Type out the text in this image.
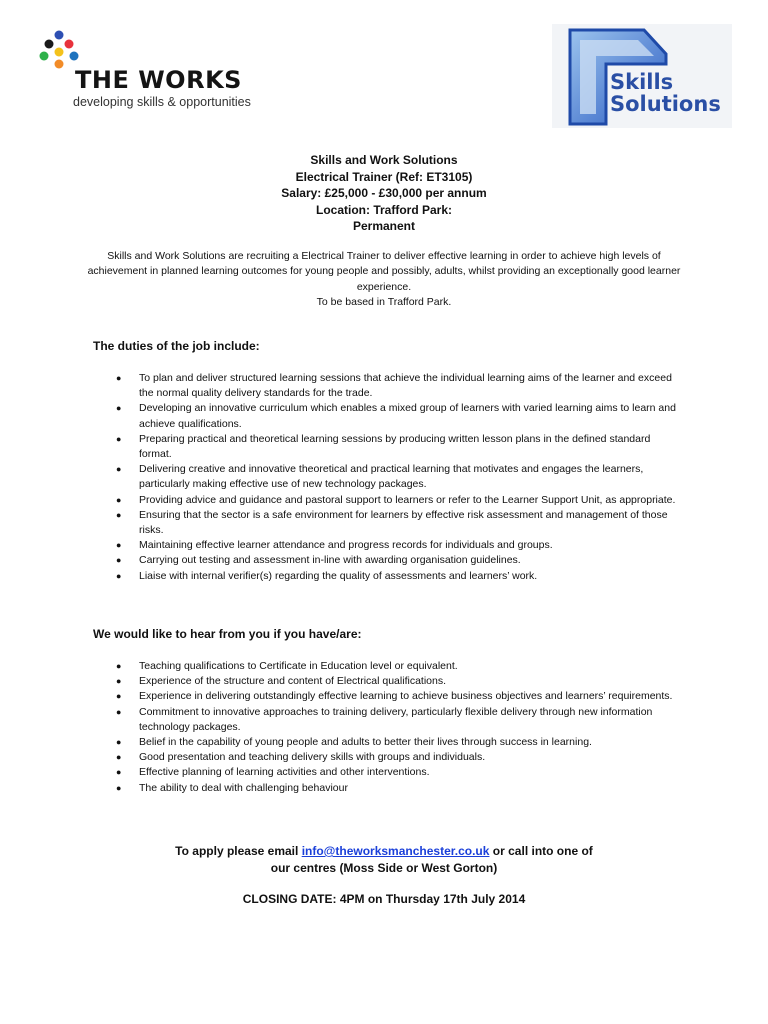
THE WORKS
developing skills & opportunities
Skills
Solutions
Skills and Work Solutions
Electrical Trainer (Ref: ET3105)
Salary: £25,000 - £30,000 per annum
Location: Trafford Park:
Permanent
Skills and Work Solutions are recruiting a Electrical Trainer to deliver effective learning in order to achieve high levels of achievement in planned learning outcomes for young people and possibly, adults, whilst providing an exceptionally good learner experience.
To be based in Trafford Park.
The duties of the job include:
● To plan and deliver structured learning sessions that achieve the individual learning aims of the learner and exceed the normal quality delivery standards for the trade.
● Developing an innovative curriculum which enables a mixed group of learners with varied learning aims to learn and achieve qualifications.
● Preparing practical and theoretical learning sessions by producing written lesson plans in the defined standard format.
● Delivering creative and innovative theoretical and practical learning that motivates and engages the learners, particularly making effective use of new technology packages.
● Providing advice and guidance and pastoral support to learners or refer to the Learner Support Unit, as appropriate.
● Ensuring that the sector is a safe environment for learners by effective risk assessment and management of those risks.
● Maintaining effective learner attendance and progress records for individuals and groups.
● Carrying out testing and assessment in-line with awarding organisation guidelines.
● Liaise with internal verifier(s) regarding the quality of assessments and learners’ work.
We would like to hear from you if you have/are:
● Teaching qualifications to Certificate in Education level or equivalent.
● Experience of the structure and content of Electrical qualifications.
● Experience in delivering outstandingly effective learning to achieve business objectives and learners’ requirements.
● Commitment to innovative approaches to training delivery, particularly flexible delivery through new information technology packages.
● Belief in the capability of young people and adults to better their lives through success in learning.
● Good presentation and teaching delivery skills with groups and individuals.
● Effective planning of learning activities and other interventions.
● The ability to deal with challenging behaviour
To apply please email info@theworksmanchester.co.uk or call into one of
our centres (Moss Side or West Gorton)
CLOSING DATE: 4PM on Thursday 17th July 2014
